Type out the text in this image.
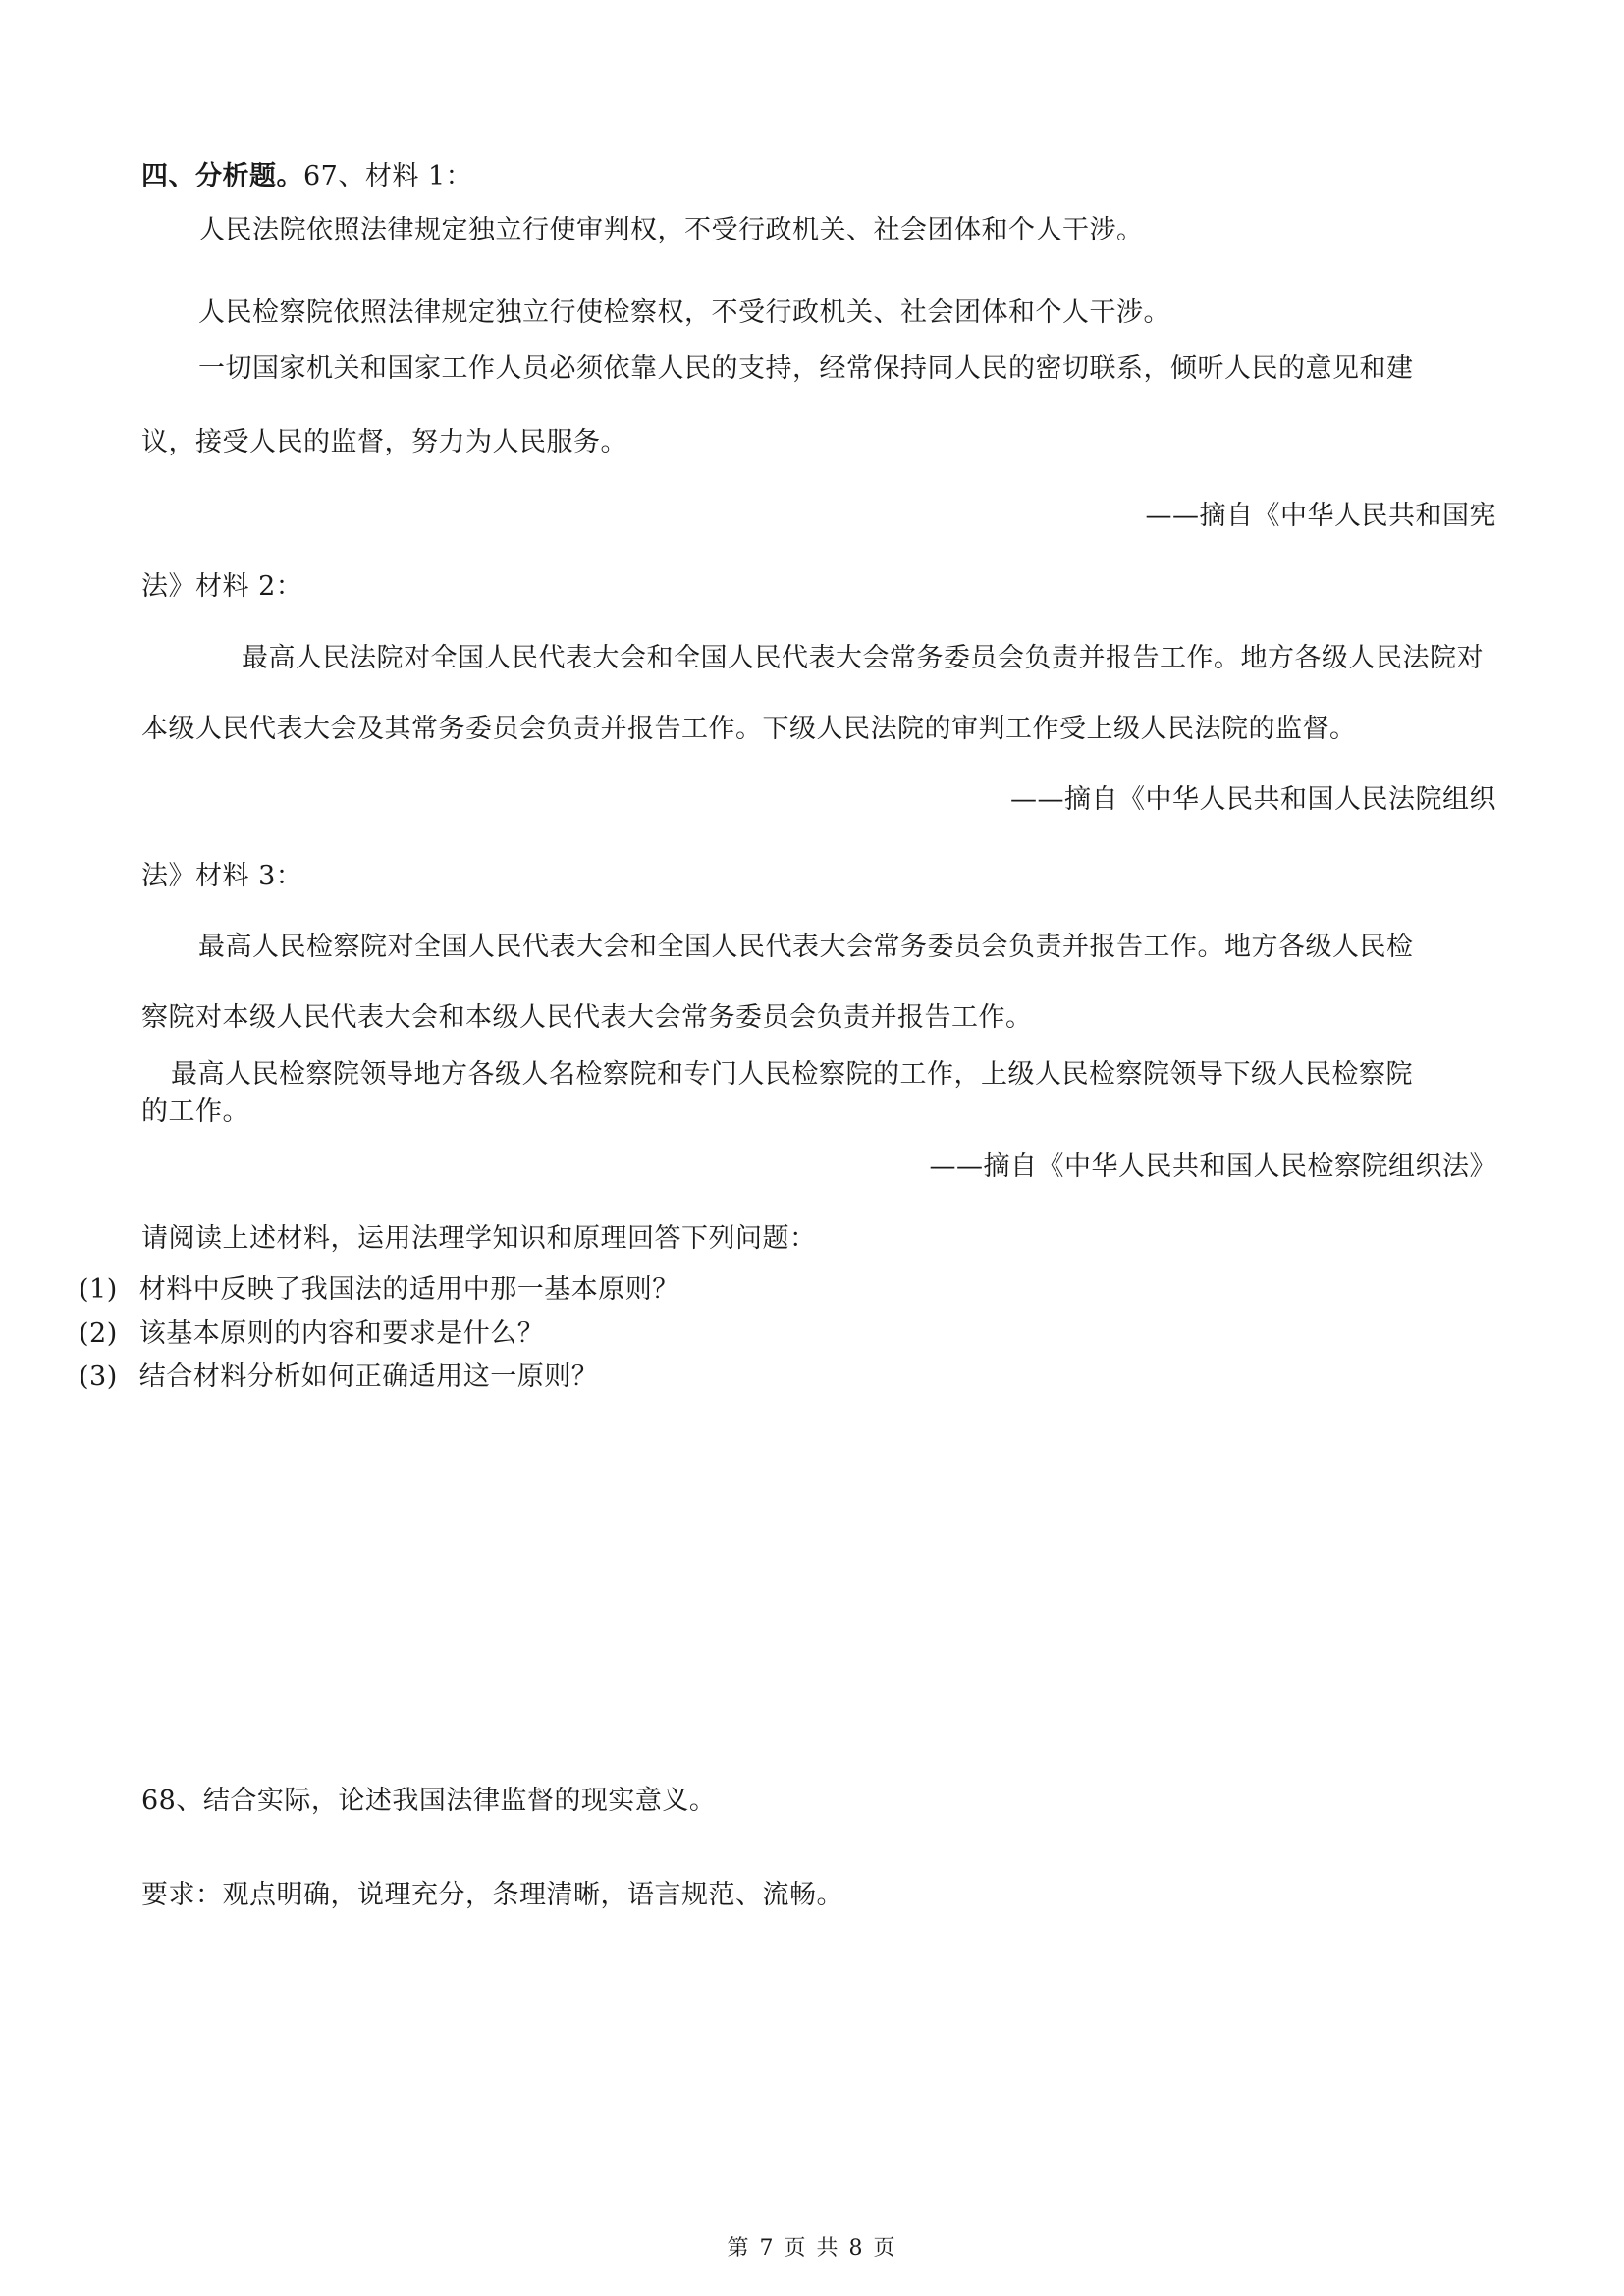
四、分析题。67、材料 1：
人民法院依照法律规定独立行使审判权，不受行政机关、社会团体和个人干涉。
人民检察院依照法律规定独立行使检察权，不受行政机关、社会团体和个人干涉。
一切国家机关和国家工作人员必须依靠人民的支持，经常保持同人民的密切联系，倾听人民的意见和建
议，接受人民的监督，努力为人民服务。
——摘自《中华人民共和国宪
法》材料 2：
最高人民法院对全国人民代表大会和全国人民代表大会常务委员会负责并报告工作。地方各级人民法院对
本级人民代表大会及其常务委员会负责并报告工作。下级人民法院的审判工作受上级人民法院的监督。
——摘自《中华人民共和国人民法院组织
法》材料 3：
最高人民检察院对全国人民代表大会和全国人民代表大会常务委员会负责并报告工作。地方各级人民检
察院对本级人民代表大会和本级人民代表大会常务委员会负责并报告工作。
最高人民检察院领导地方各级人名检察院和专门人民检察院的工作，上级人民检察院领导下级人民检察院
的工作。
——摘自《中华人民共和国人民检察院组织法》
请阅读上述材料，运用法理学知识和原理回答下列问题：
(1) 材料中反映了我国法的适用中那一基本原则？
(2) 该基本原则的内容和要求是什么？
(3) 结合材料分析如何正确适用这一原则？
68、结合实际，论述我国法律监督的现实意义。
要求：观点明确，说理充分，条理清晰，语言规范、流畅。
第 7 页 共 8 页
